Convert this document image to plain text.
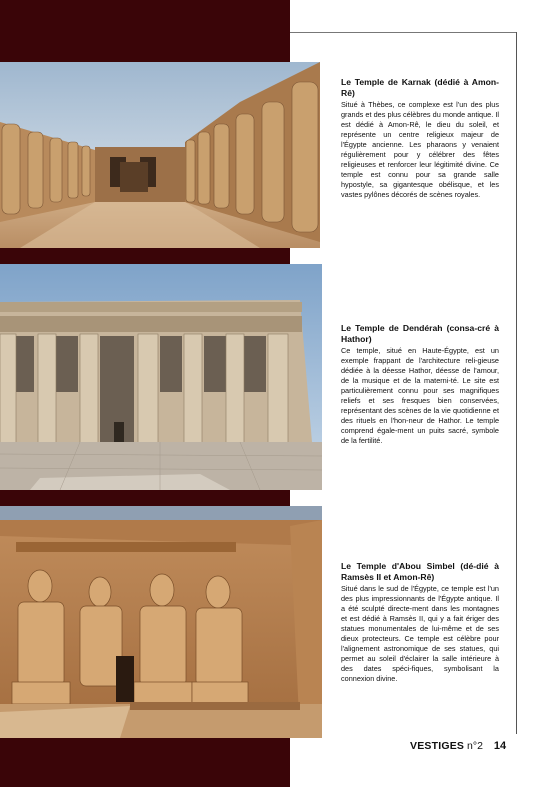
Le Temple de Karnak (dédié à Amon-Rê)

Situé à Thèbes, ce complexe est l'un des plus grands et des plus célèbres du monde antique. Il est dédié à Amon-Rê, le dieu du soleil, et représente un centre religieux majeur de l'Égypte ancienne. Les pharaons y venaient régulièrement pour y célébrer des fêtes religieuses et renforcer leur légitimité divine. Ce temple est connu pour sa grande salle hypostyle, sa gigantesque obélisque, et les vastes pylônes décorés de scènes royales.

Le Temple de Dendérah (consa-cré à Hathor)

Ce temple, situé en Haute-Égypte, est un exemple frappant de l'architecture reli-gieuse dédiée à la déesse Hathor, déesse de l'amour, de la musique et de la materni-té. Le site est particulièrement connu pour ses magnifiques reliefs et ses fresques bien conservées, représentant des scènes de la vie quotidienne et des rituels en l'hon-neur de Hathor. Le temple comprend égale-ment un puits sacré, symbole de la fertilité.

Le Temple d'Abou Simbel (dé-dié à Ramsès II et Amon-Rê)

Situé dans le sud de l'Égypte, ce temple est l'un des plus impressionnants de l'Égypte antique. Il a été sculpté directe-ment dans les montagnes et est dédié à Ramsès II, qui y a fait ériger des statues monumentales de lui-même et de ses dieux protecteurs. Ce temple est célèbre pour l'alignement astronomique de ses statues, qui permet au soleil d'éclairer la salle intérieure à des dates spéci-fiques, symbolisant la connexion divine.

VESTIGES n°2 14
